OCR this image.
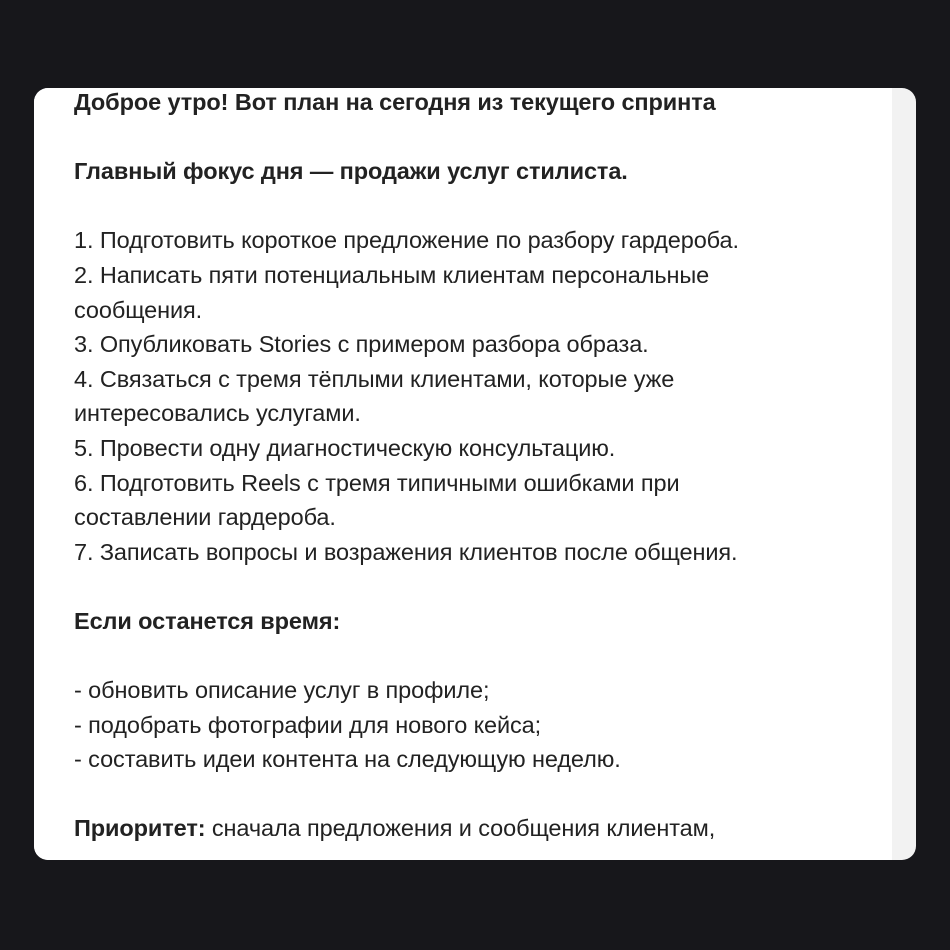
Доброе утро! Вот план на сегодня из текущего спринта
Главный фокус дня — продажи услуг стилиста.
1. Подготовить короткое предложение по разбору гардероба.
2. Написать пяти потенциальным клиентам персональные
сообщения.
3. Опубликовать Stories с примером разбора образа.
4. Связаться с тремя тёплыми клиентами, которые уже
интересовались услугами.
5. Провести одну диагностическую консультацию.
6. Подготовить Reels с тремя типичными ошибками при
составлении гардероба.
7. Записать вопросы и возражения клиентов после общения.
Если останется время:
- обновить описание услуг в профиле;
- подобрать фотографии для нового кейса;
- составить идеи контента на следующую неделю.
Приоритет: сначала предложения и сообщения клиентам,
